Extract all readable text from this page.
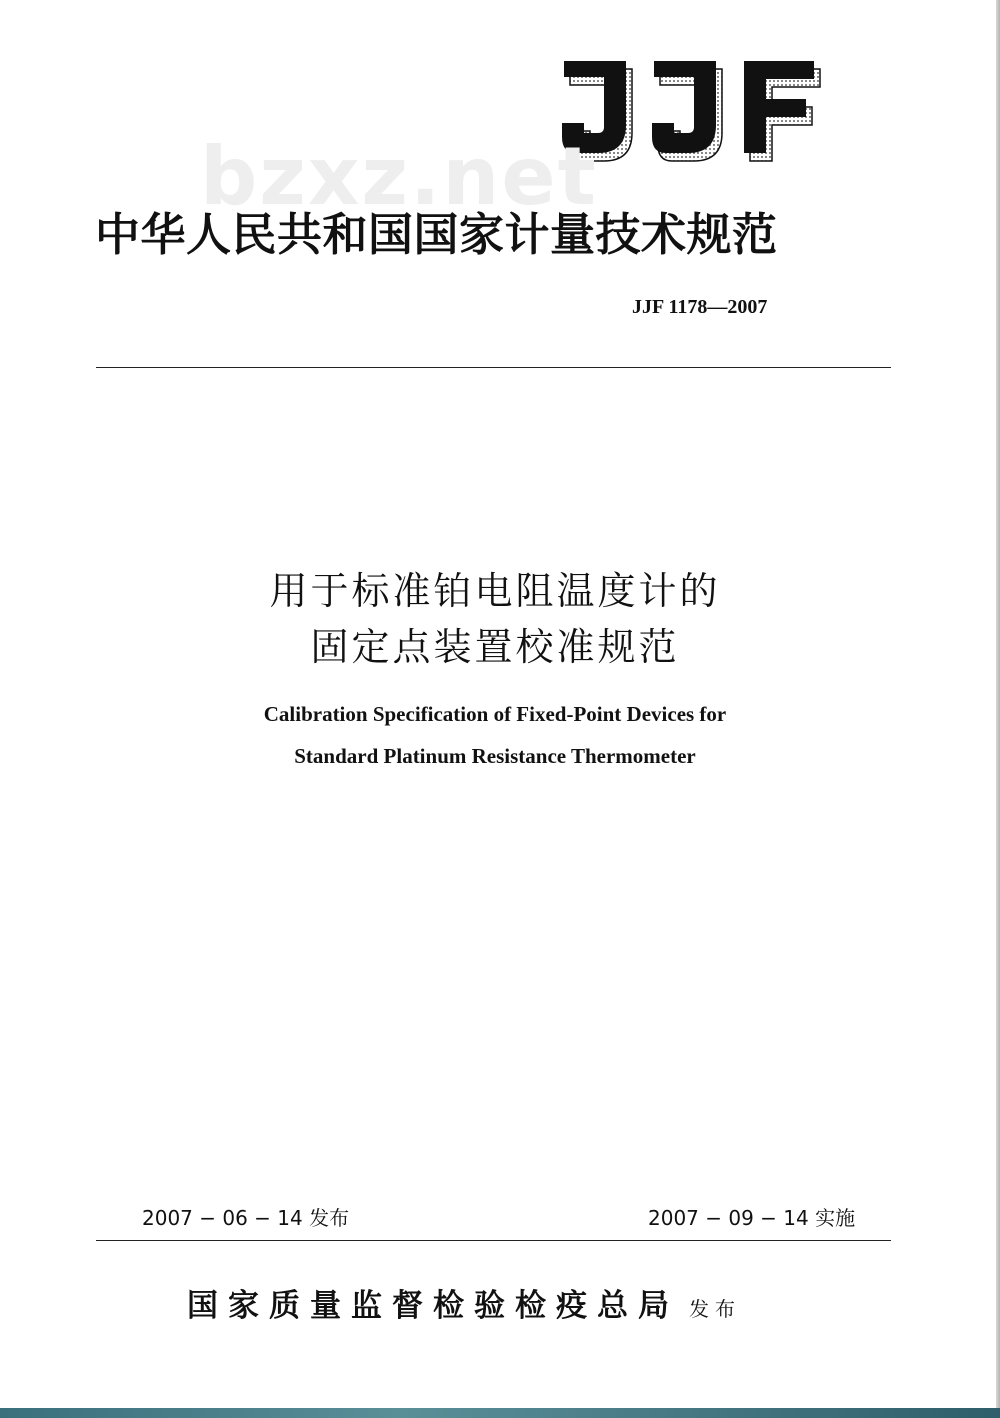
JJF
bzxz.net
中华人民共和国国家计量技术规范
JJF 1178—2007
用于标准铂电阻温度计的
固定点装置校准规范
Calibration Specification of Fixed-Point Devices for
Standard Platinum Resistance Thermometer
2007 − 06 − 14 发布	2007 − 09 − 14 实施
国家质量监督检验检疫总局 发布
